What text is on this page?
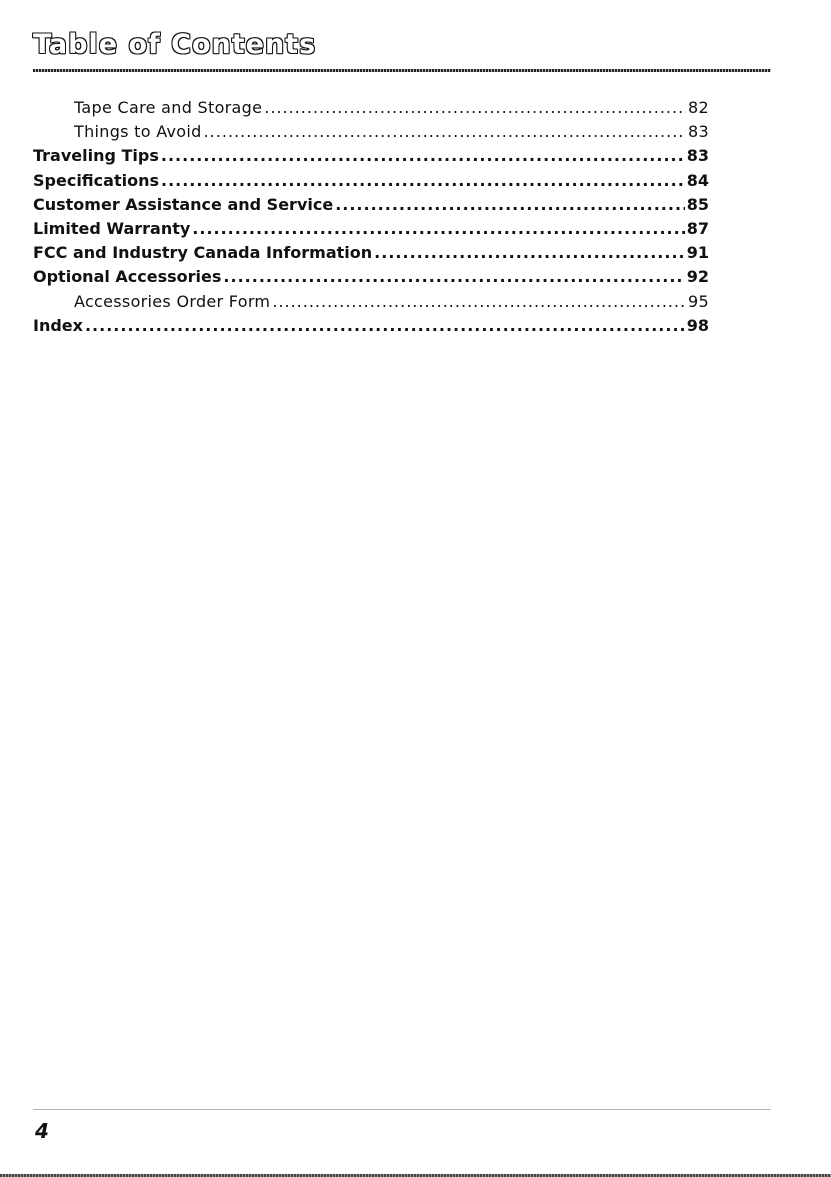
Table of Contents
Tape Care and Storage .....	82
Things to Avoid .....	83
Traveling Tips .....	83
Specifications .....	84
Customer Assistance and Service .....	85
Limited Warranty .....	87
FCC and Industry Canada Information .....	91
Optional Accessories .....	92
Accessories Order Form .....	95
Index .....	98
4
